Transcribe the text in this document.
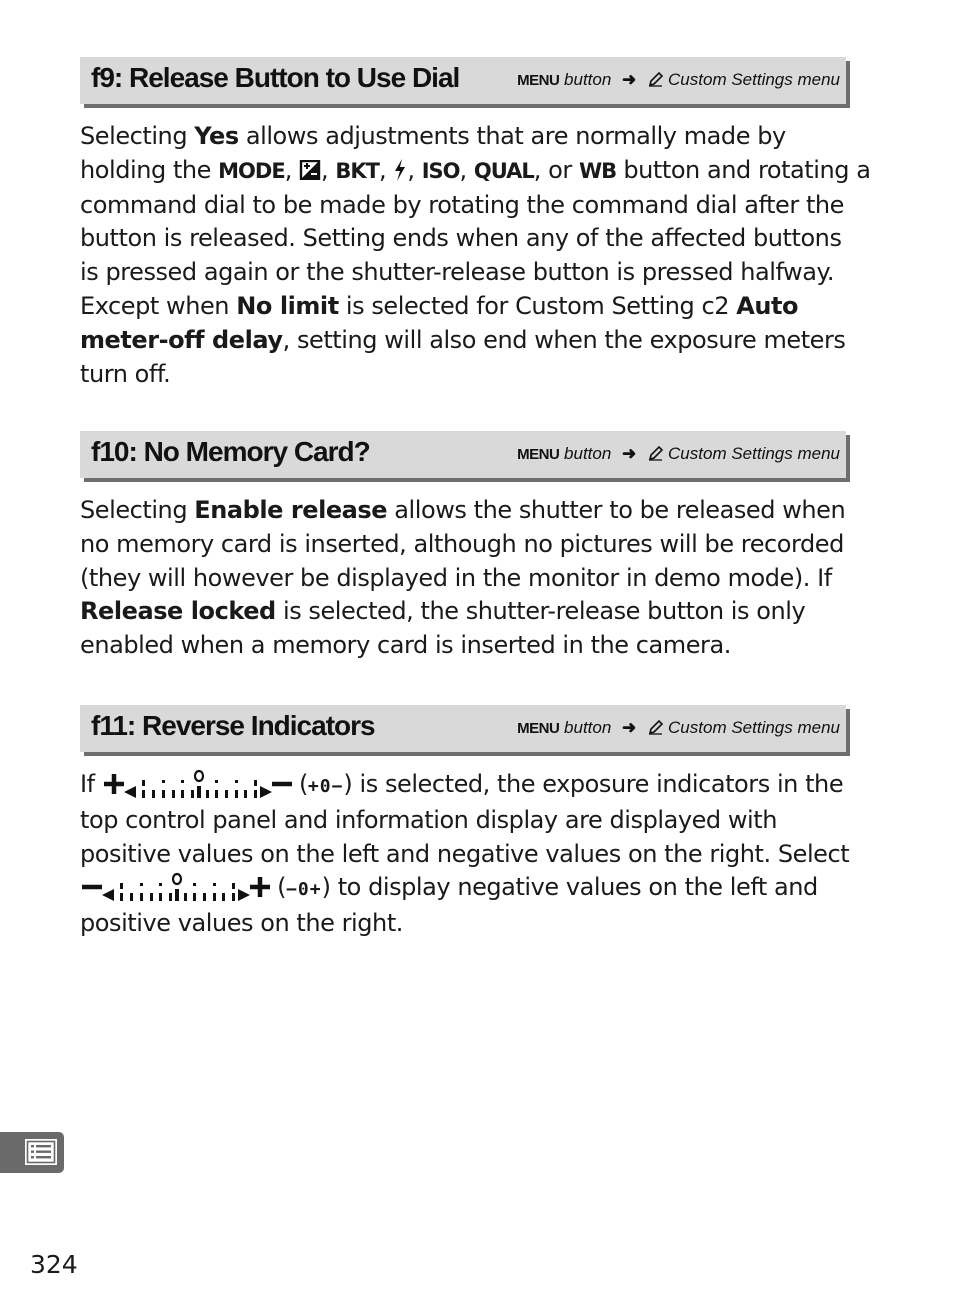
f9: Release Button to Use Dial	MENU button ➜ Custom Settings menu
Selecting Yes allows adjustments that are normally made by
holding the MODE, , BKT, , ISO, QUAL, or WB button and rotating a
command dial to be made by rotating the command dial after the
button is released. Setting ends when any of the affected buttons
is pressed again or the shutter-release button is pressed halfway.
Except when No limit is selected for Custom Setting c2 Auto
meter-off delay, setting will also end when the exposure meters
turn off.
f10: No Memory Card?	MENU button ➜ Custom Settings menu
Selecting Enable release allows the shutter to be released when
no memory card is inserted, although no pictures will be recorded
(they will however be displayed in the monitor in demo mode). If
Release locked is selected, the shutter-release button is only
enabled when a memory card is inserted in the camera.
f11: Reverse Indicators	MENU button ➜ Custom Settings menu
If	(+0−) is selected, the exposure indicators in the
top control panel and information display are displayed with
positive values on the left and negative values on the right. Select
(−0+) to display negative values on the left and
positive values on the right.
324
